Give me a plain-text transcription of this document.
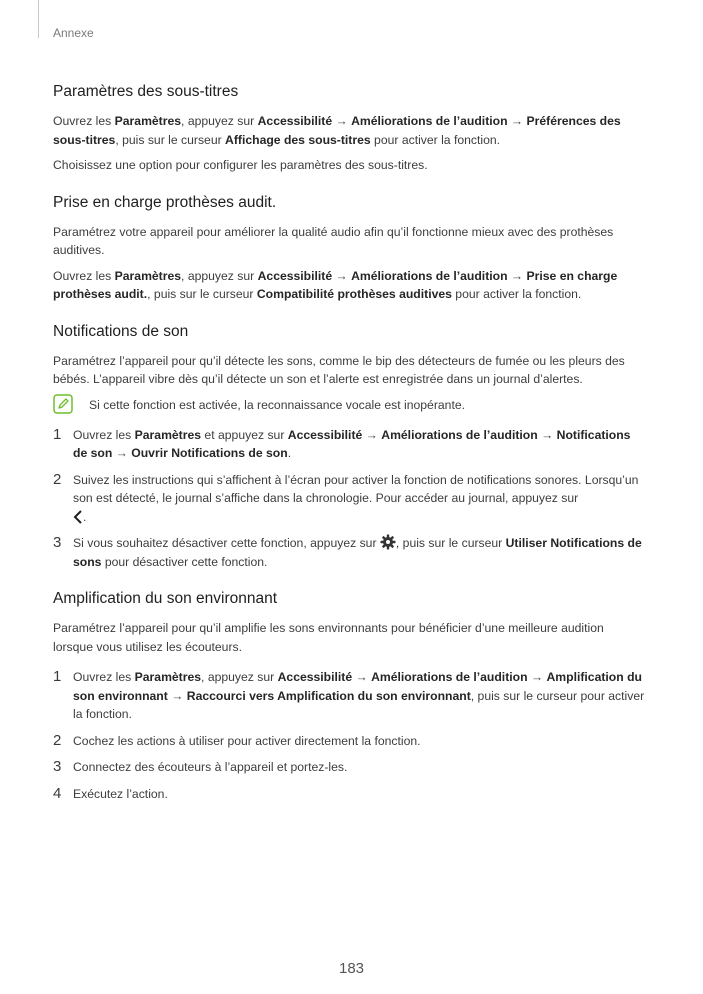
Annexe
Paramètres des sous-titres

Ouvrez les Paramètres, appuyez sur Accessibilité → Améliorations de l’audition → Préférences des sous-titres, puis sur le curseur Affichage des sous-titres pour activer la fonction.

Choisissez une option pour configurer les paramètres des sous-titres.

Prise en charge prothèses audit.

Paramétrez votre appareil pour améliorer la qualité audio afin qu’il fonctionne mieux avec des prothèses auditives.

Ouvrez les Paramètres, appuyez sur Accessibilité → Améliorations de l’audition → Prise en charge prothèses audit., puis sur le curseur Compatibilité prothèses auditives pour activer la fonction.

Notifications de son

Paramétrez l’appareil pour qu’il détecte les sons, comme le bip des détecteurs de fumée ou les pleurs des bébés. L’appareil vibre dès qu’il détecte un son et l’alerte est enregistrée dans un journal d’alertes.

Si cette fonction est activée, la reconnaissance vocale est inopérante.
1 Ouvrez les Paramètres et appuyez sur Accessibilité → Améliorations de l’audition → Notifications de son → Ouvrir Notifications de son.
2 Suivez les instructions qui s’affichent à l’écran pour activer la fonction de notifications sonores. Lorsqu’un son est détecté, le journal s’affiche dans la chronologie. Pour accéder au journal, appuyez sur
.
3 Si vous souhaitez désactiver cette fonction, appuyez sur , puis sur le curseur Utiliser Notifications de sons pour désactiver cette fonction.
Amplification du son environnant

Paramétrez l’appareil pour qu’il amplifie les sons environnants pour bénéficier d’une meilleure audition lorsque vous utilisez les écouteurs.

1 Ouvrez les Paramètres, appuyez sur Accessibilité → Améliorations de l’audition → Amplification du son environnant → Raccourci vers Amplification du son environnant, puis sur le curseur pour activer la fonction.
2 Cochez les actions à utiliser pour activer directement la fonction.
3 Connectez des écouteurs à l’appareil et portez-les.
4 Exécutez l’action.
183
